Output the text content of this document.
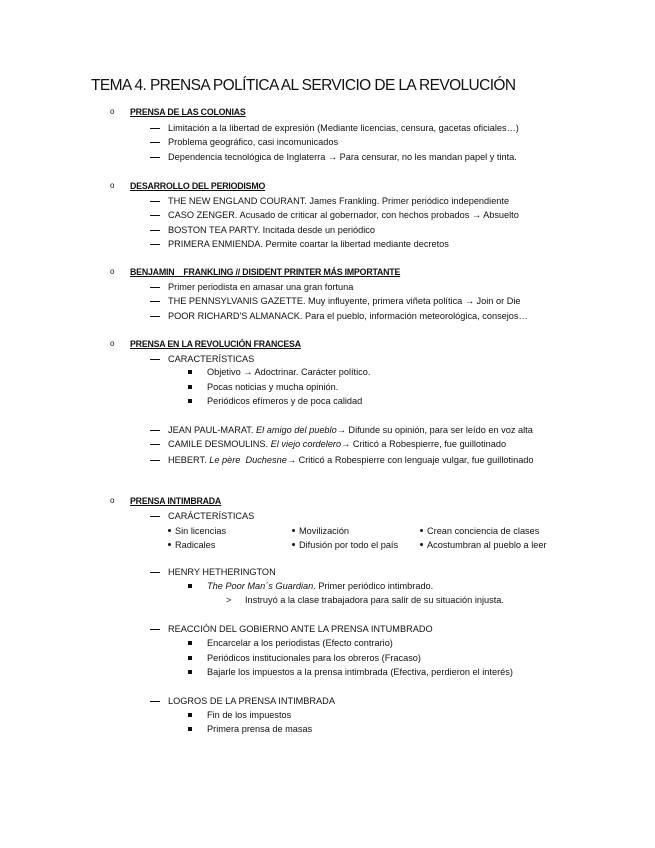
TEMA 4. PRENSA POLÍTICA AL SERVICIO DE LA REVOLUCIÓN
o PRENSA DE LAS COLONIAS
Limitación a la libertad de expresión (Mediante licencias, censura, gacetas oficiales…)
Problema geográfico, casi incomunicados
Dependencia tecnológica de Inglaterra → Para censurar, no les mandan papel y tinta.
o DESARROLLO DEL PERIODISMO
THE NEW ENGLAND COURANT. James Frankling. Primer periódico independiente
CASO ZENGER. Acusado de criticar al gobernador, con hechos probados → Absuelto
BOSTON TEA PARTY. Incitada desde un periódico
PRIMERA ENMIENDA. Permite coartar la libertad mediante decretos
o BENJAMIN    FRANKLING // DISIDENT PRINTER MÁS IMPORTANTE
Primer periodista en amasar una gran fortuna
THE PENNSYLVANIS GAZETTE. Muy influyente, primera viñeta política → Join or Die
POOR RICHARD'S ALMANACK. Para el pueblo, información meteorológica, consejos…
o PRENSA EN LA REVOLUCIÓN FRANCESA
CARACTERÍSTICAS
Objetivo → Adoctrinar. Carácter político.
Pocas noticias y mucha opinión.
Periódicos efímeros y de poca calidad
JEAN PAUL-MARAT. El amigo del pueblo→ Difunde su opinión, para ser leído en voz alta
CAMILE DESMOULINS. El viejo cordelero→ Criticó a Robespierre, fue guillotinado
HEBERT. Le père  Duchesne→ Criticó a Robespierre con lenguaje vulgar, fue guillotinado
o PRENSA INTIMBRADA
CARÁCTERÍSTICAS
Sin licencias	Movilización	Crean conciencia de clases
Radicales	Difusión por todo el país	Acostumbran al pueblo a leer
HENRY HETHERINGTON
The Poor Man´s Guardian. Primer periódico intimbrado.
> Instruyó a la clase trabajadora para salir de su situación injusta.
REACCIÓN DEL GOBIERNO ANTE LA PRENSA INTUMBRADO
Encarcelar a los periodistas (Efecto contrario)
Periódicos institucionales para los obreros (Fracaso)
Bajarle los impuestos a la prensa intimbrada (Efectiva, perdieron el interés)
LOGROS DE LA PRENSA INTIMBRADA
Fin de los impuestos
Primera prensa de masas
